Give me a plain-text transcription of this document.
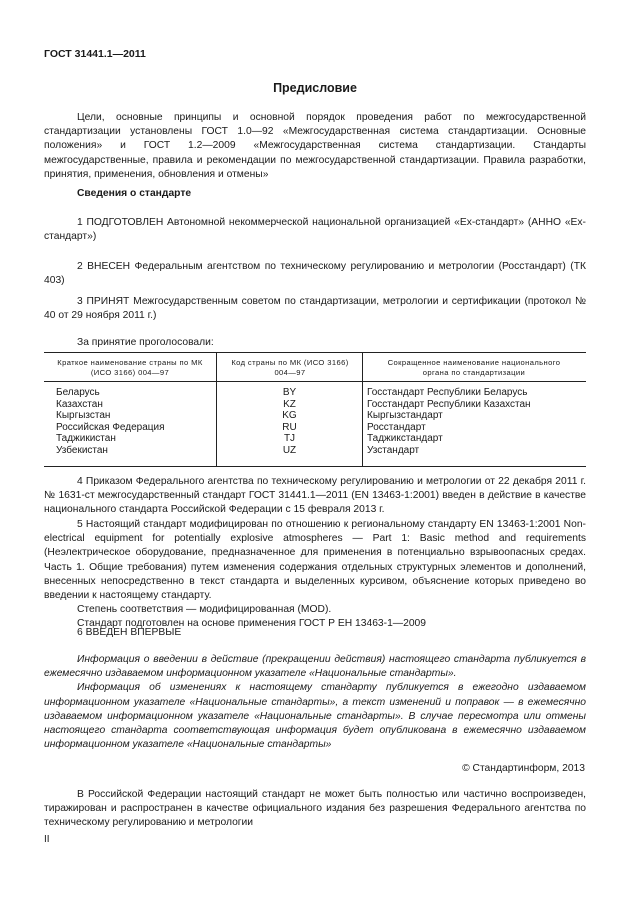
ГОСТ 31441.1—2011
Предисловие

Цели, основные принципы и основной порядок проведения работ по межгосударственной стандартизации установлены ГОСТ 1.0—92 «Межгосударственная система стандартизации. Основные положения» и ГОСТ 1.2—2009 «Межгосударственная система стандартизации. Стандарты межгосударственные, правила и рекомендации по межгосударственной стандартизации. Правила разработки, принятия, применения, обновления и отмены»

Сведения о стандарте

1 ПОДГОТОВЛЕН Автономной некоммерческой национальной организацией «Ех-стандарт» (АННО «Ех-стандарт»)

2 ВНЕСЕН Федеральным агентством по техническому регулированию и метрологии (Росстандарт) (ТК 403)

3 ПРИНЯТ Межгосударственным советом по стандартизации, метрологии и сертификации (протокол № 40 от 29 ноября 2011 г.)

За принятие проголосовали:

Краткое наименование страны по МК (ИСО 3166) 004—97
Код страны по МК (ИСО 3166) 004—97
Сокращенное наименование национального органа по стандартизации
Беларусь
Казахстан
Кыргызстан
Российская Федерация
Таджикистан
Узбекистан
BY
KZ
KG
RU
TJ
UZ
Госстандарт Республики Беларусь
Госстандарт Республики Казахстан
Кыргызстандарт
Росстандарт
Таджикстандарт
Узстандарт

4 Приказом Федерального агентства по техническому регулированию и метрологии от 22 декабря 2011 г. № 1631-ст межгосударственный стандарт ГОСТ 31441.1—2011 (EN 13463-1:2001) введен в действие в качестве национального стандарта Российской Федерации с 15 февраля 2013 г.

5 Настоящий стандарт модифицирован по отношению к региональному стандарту EN 13463-1:2001 Non-electrical equipment for potentially explosive atmospheres — Part 1: Basic method and requirements (Неэлектрическое оборудование, предназначенное для применения в потенциально взрывоопасных средах. Часть 1. Общие требования) путем изменения содержания отдельных структурных элементов и дополнений, внесенных непосредственно в текст стандарта и выделенных курсивом, объяснение которых приведено во введении к настоящему стандарту.

Степень соответствия — модифицированная (MOD).

Стандарт подготовлен на основе применения ГОСТ Р ЕН 13463-1—2009

6 ВВЕДЕН ВПЕРВЫЕ

Информация о введении в действие (прекращении действия) настоящего стандарта публикуется в ежемесячно издаваемом информационном указателе «Национальные стандарты».

Информация об изменениях к настоящему стандарту публикуется в ежегодно издаваемом информационном указателе «Национальные стандарты», а текст изменений и поправок — в ежемесячно издаваемом информационном указателе «Национальные стандарты». В случае пересмотра или отмены настоящего стандарта соответствующая информация будет опубликована в ежемесячно издаваемом информационном указателе «Национальные стандарты»

© Стандартинформ, 2013

В Российской Федерации настоящий стандарт не может быть полностью или частично воспроизведен, тиражирован и распространен в качестве официального издания без разрешения Федерального агентства по техническому регулированию и метрологии

II
